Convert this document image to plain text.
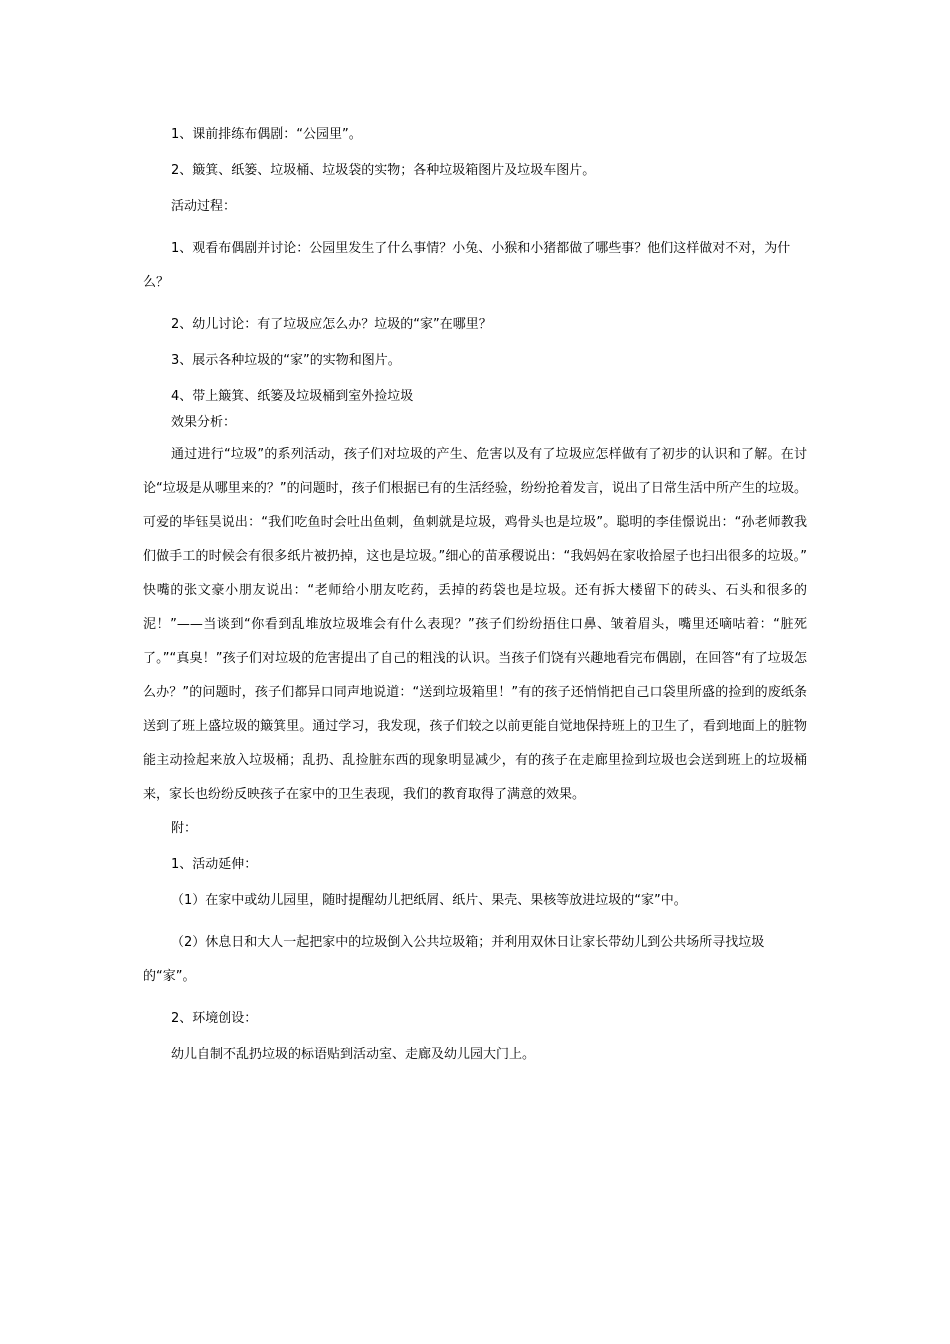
1、课前排练布偶剧：“公园里”。

2、簸箕、纸篓、垃圾桶、垃圾袋的实物；各种垃圾箱图片及垃圾车图片。

活动过程：

1、观看布偶剧并讨论：公园里发生了什么事情？小兔、小猴和小猪都做了哪些事？他们这样做对不对，为什么？

2、幼儿讨论：有了垃圾应怎么办？垃圾的“家”在哪里？

3、展示各种垃圾的“家”的实物和图片。

4、带上簸箕、纸篓及垃圾桶到室外捡垃圾

效果分析：

通过进行“垃圾”的系列活动，孩子们对垃圾的产生、危害以及有了垃圾应怎样做有了初步的认识和了解。在讨论“垃圾是从哪里来的？”的问题时，孩子们根据已有的生活经验，纷纷抢着发言，说出了日常生活中所产生的垃圾。可爱的毕钰昊说出：“我们吃鱼时会吐出鱼刺，鱼刺就是垃圾，鸡骨头也是垃圾”。聪明的李佳憬说出：“孙老师教我们做手工的时候会有很多纸片被扔掉，这也是垃圾。”细心的苗承稷说出：“我妈妈在家收拾屋子也扫出很多的垃圾。” 快嘴的张文豪小朋友说出：“老师给小朋友吃药，丢掉的药袋也是垃圾。还有拆大楼留下的砖头、石头和很多的泥！”——当谈到“你看到乱堆放垃圾堆会有什么表现？”孩子们纷纷捂住口鼻、皱着眉头，嘴里还嘀咕着：“脏死了。”“真臭！”孩子们对垃圾的危害提出了自己的粗浅的认识。当孩子们饶有兴趣地看完布偶剧，在回答“有了垃圾怎么办？”的问题时，孩子们都异口同声地说道：“送到垃圾箱里！”有的孩子还悄悄把自己口袋里所盛的捡到的废纸条送到了班上盛垃圾的簸箕里。通过学习，我发现，孩子们较之以前更能自觉地保持班上的卫生了，看到地面上的脏物能主动捡起来放入垃圾桶；乱扔、乱捡脏东西的现象明显减少，有的孩子在走廊里捡到垃圾也会送到班上的垃圾桶来，家长也纷纷反映孩子在家中的卫生表现，我们的教育取得了满意的效果。

附：

1、活动延伸：

（1）在家中或幼儿园里，随时提醒幼儿把纸屑、纸片、果壳、果核等放进垃圾的“家”中。

（2）休息日和大人一起把家中的垃圾倒入公共垃圾箱；并利用双休日让家长带幼儿到公共场所寻找垃圾的“家”。

2、环境创设：

幼儿自制不乱扔垃圾的标语贴到活动室、走廊及幼儿园大门上。
